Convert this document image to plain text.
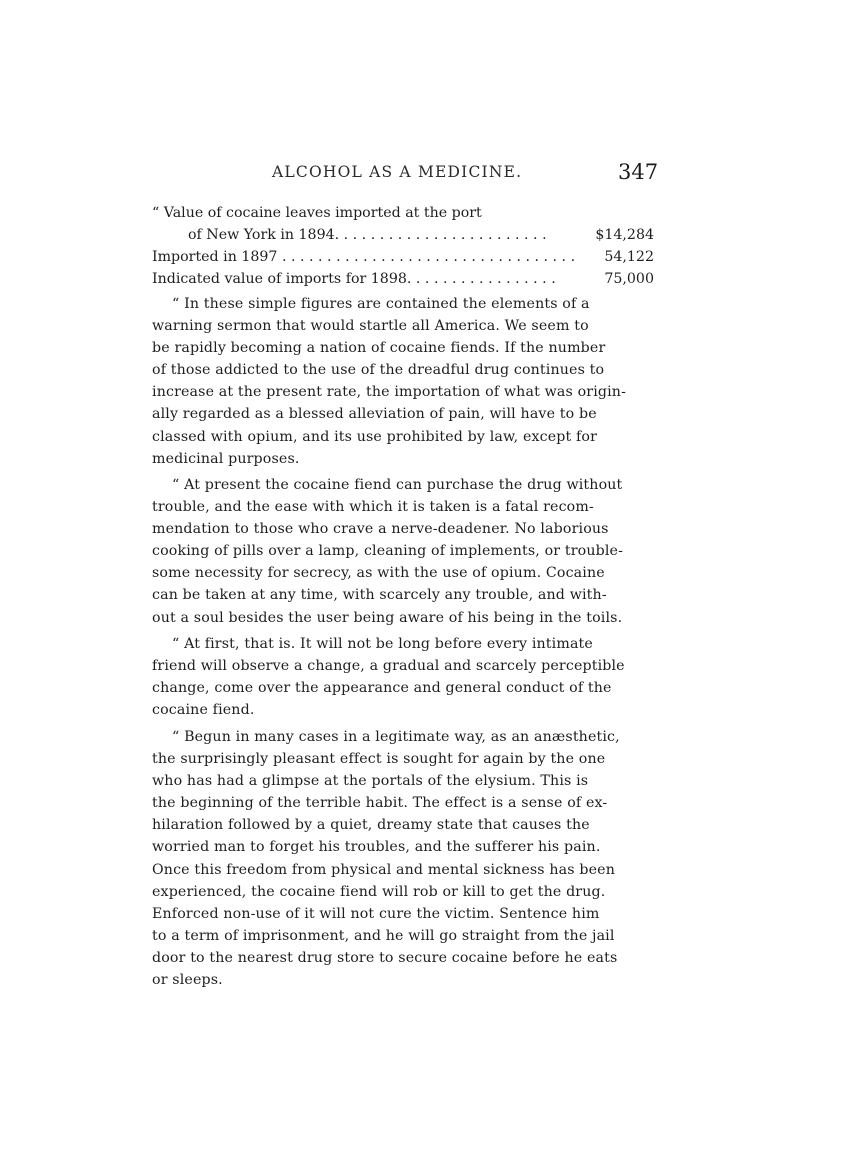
ALCOHOL AS A MEDICINE.	347
“ Value of cocaine leaves imported at the port
of New York in 1894. . . . . . . . . . . . . . . . . . . . . . . .	$14,284
Imported in 1897 . . . . . . . . . . . . . . . . . . . . . . . . . . . . . . . . . 54,122
Indicated value of imports for 1898. . . . . . . . . . . . . . . . .	75,000
“ In these simple figures are contained the elements of a
warning sermon that would startle all America. We seem to
be rapidly becoming a nation of cocaine fiends. If the number
of those addicted to the use of the dreadful drug continues to
increase at the present rate, the importation of what was origin-
ally regarded as a blessed alleviation of pain, will have to be
classed with opium, and its use prohibited by law, except for
medicinal purposes.
“ At present the cocaine fiend can purchase the drug without
trouble, and the ease with which it is taken is a fatal recom-
mendation to those who crave a nerve-deadener. No laborious
cooking of pills over a lamp, cleaning of implements, or trouble-
some necessity for secrecy, as with the use of opium. Cocaine
can be taken at any time, with scarcely any trouble, and with-
out a soul besides the user being aware of his being in the toils.
“ At first, that is. It will not be long before every intimate
friend will observe a change, a gradual and scarcely perceptible
change, come over the appearance and general conduct of the
cocaine fiend.
“ Begun in many cases in a legitimate way, as an anæsthetic,
the surprisingly pleasant effect is sought for again by the one
who has had a glimpse at the portals of the elysium. This is
the beginning of the terrible habit. The effect is a sense of ex-
hilaration followed by a quiet, dreamy state that causes the
worried man to forget his troubles, and the sufferer his pain.
Once this freedom from physical and mental sickness has been
experienced, the cocaine fiend will rob or kill to get the drug.
Enforced non-use of it will not cure the victim. Sentence him
to a term of imprisonment, and he will go straight from the jail
door to the nearest drug store to secure cocaine before he eats
or sleeps.
